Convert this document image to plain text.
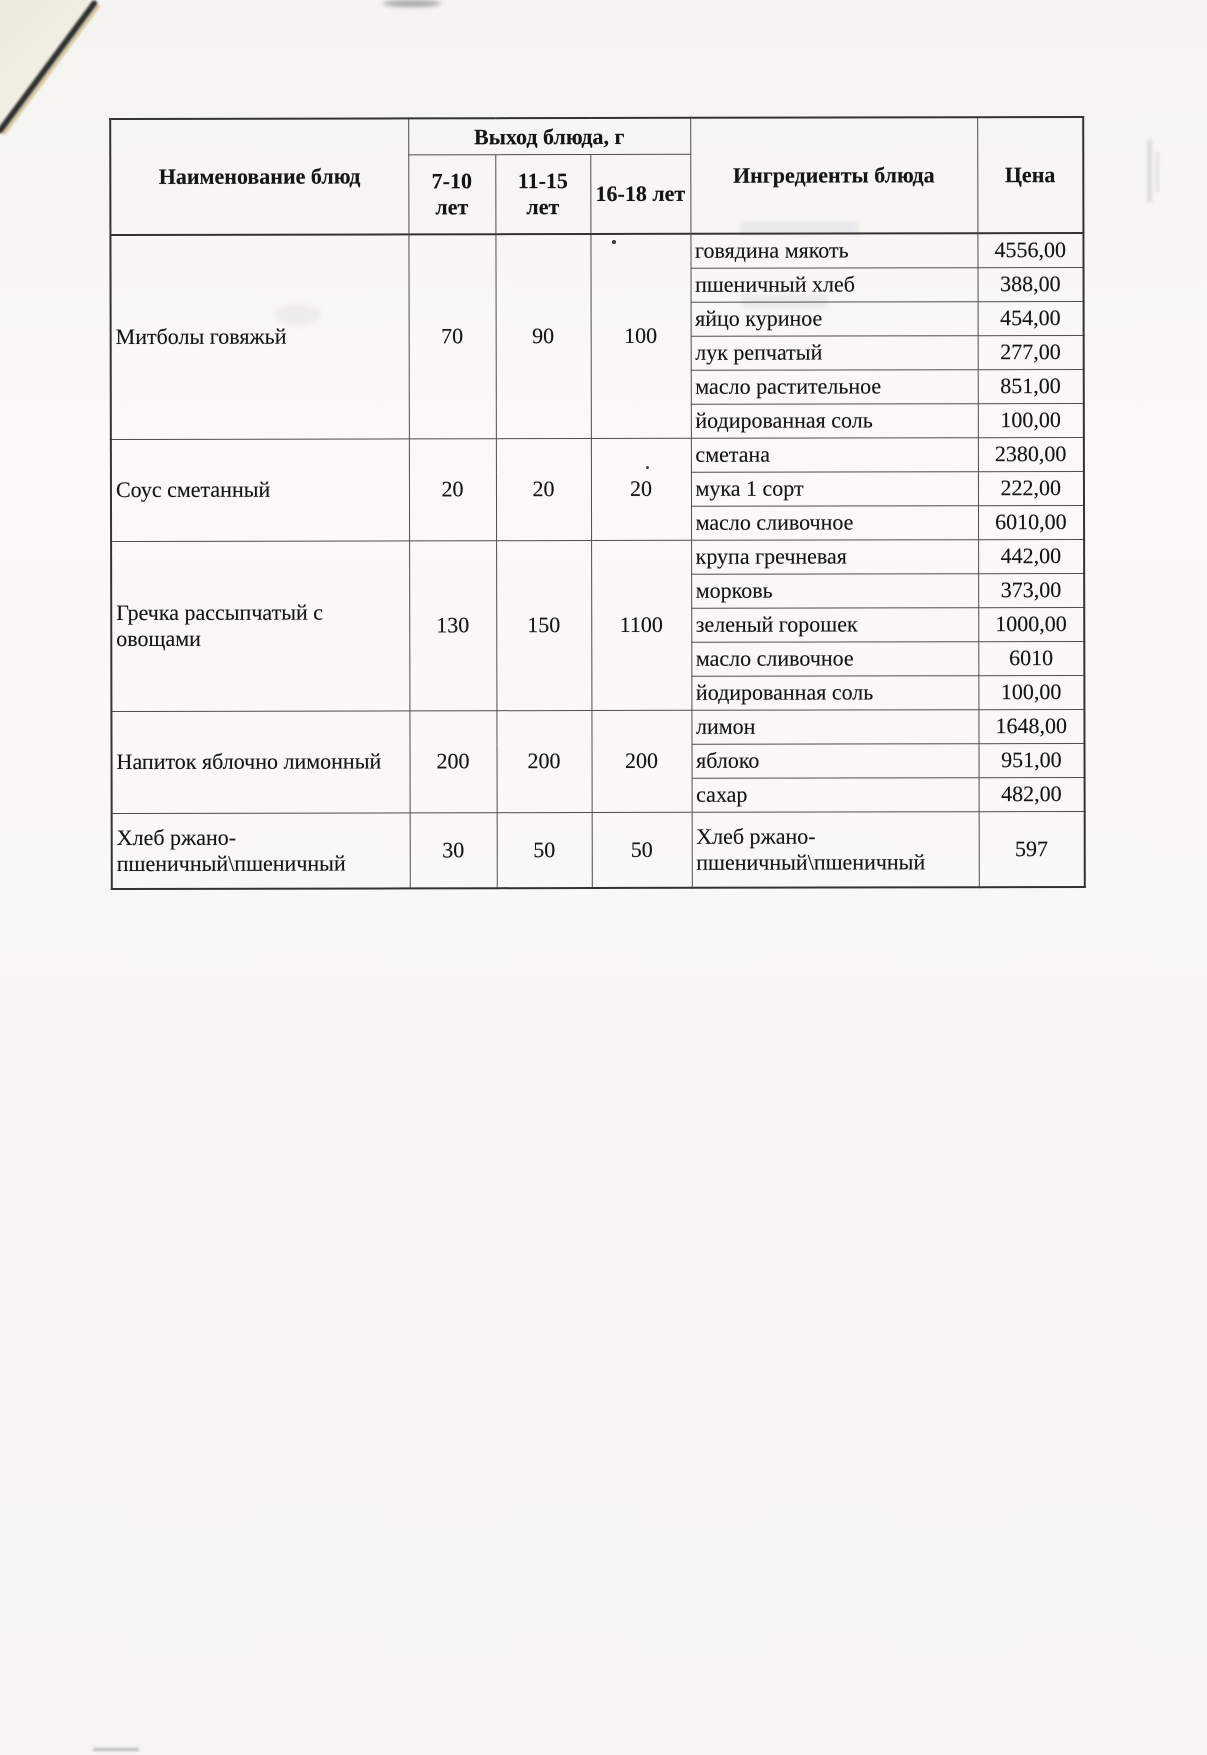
Наименование блюд	Выход блюда, г			Ингредиенты блюда	Цена
	7-10 лет	11-15 лет	16-18 лет		
Митболы говяжьй	70	90	100	говядина мякоть	4556,00
				пшеничный хлеб	388,00
				яйцо куриное	454,00
				лук репчатый	277,00
				масло растительное	851,00
				йодированная соль	100,00
Соус сметанный	20	20	20	сметана	2380,00
				мука 1 сорт	222,00
				масло сливочное	6010,00
Гречка рассыпчатый с овощами	130	150	1100	крупа гречневая	442,00
				морковь	373,00
				зеленый горошек	1000,00
				масло сливочное	6010
				йодированная соль	100,00
Напиток яблочно лимонный	200	200	200	лимон	1648,00
				яблоко	951,00
				сахар	482,00
Хлеб ржано-пшеничный\пшеничный	30	50	50	Хлеб ржано-пшеничный\пшеничный	597
